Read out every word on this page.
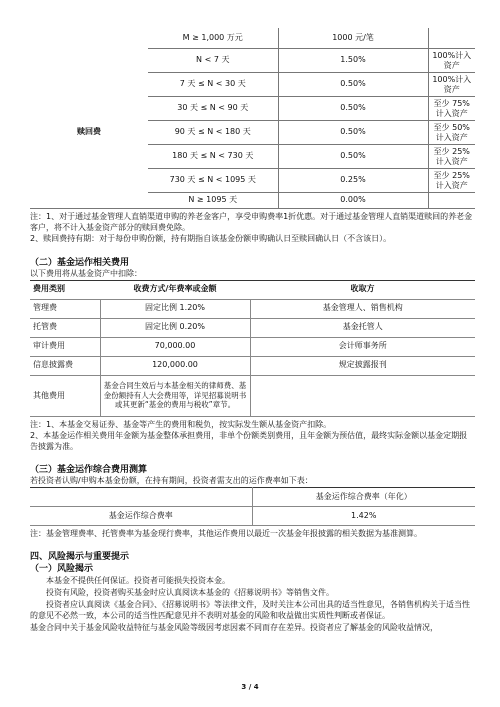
	M ≥ 1,000 万元	1000 元/笔	
	N < 7 天	1.50%	100%计入资产
	7 天 ≤ N < 30 天	0.50%	100%计入资产
	30 天 ≤ N < 90 天	0.50%	至少 75%计入资产
赎回费	90 天 ≤ N < 180 天	0.50%	至少 50%计入资产
	180 天 ≤ N < 730 天	0.50%	至少 25%计入资产
	730 天 ≤ N < 1095 天	0.25%	至少 25%计入资产
	N ≥ 1095 天	0.00%	

注：1、对于通过基金管理人直销渠道申购的养老金客户，享受申购费率1折优惠。对于通过基金管理人直销渠道赎回的养老金客户，将不计入基金资产部分的赎回费免除。

2、赎回费持有期：对于每份申购份额，持有期指自该基金份额申购确认日至赎回确认日（不含该日）。

（二）基金运作相关费用

以下费用将从基金资产中扣除：

费用类别	收费方式/年费率或金额	收取方
管理费	固定比例 1.20%	基金管理人、销售机构
托管费	固定比例 0.20%	基金托管人
审计费用	70,000.00	会计师事务所
信息披露费	120,000.00	规定披露报刊
其他费用	基金合同生效后与本基金相关的律师费、基金份额持有人大会费用等，详见招募说明书或其更新“基金的费用与税收”章节。	

注：1、本基金交易证券、基金等产生的费用和税负，按实际发生额从基金资产扣除。

2、本基金运作相关费用年金额为基金整体承担费用，非单个份额类别费用，且年金额为预估值，最终实际金额以基金定期报告披露为准。

（三）基金运作综合费用测算

若投资者认购/申购本基金份额，在持有期间，投资者需支出的运作费率如下表：

	基金运作综合费率（年化）
基金运作综合费率	1.42%

注：基金管理费率、托管费率为基金现行费率，其他运作费用以最近一次基金年报披露的相关数据为基准测算。

四、风险揭示与重要提示
（一）风险揭示

本基金不提供任何保证。投资者可能损失投资本金。

投资有风险，投资者购买基金时应认真阅读本基金的《招募说明书》等销售文件。

投资者应认真阅读《基金合同》、《招募说明书》等法律文件，及时关注本公司出具的适当性意见，各销售机构关于适当性的意见不必然一致，本公司的适当性匹配意见并不表明对基金的风险和收益做出实质性判断或者保证。

基金合同中关于基金风险收益特征与基金风险等级因考虑因素不同而存在差异。投资者应了解基金的风险收益情况，

3 / 4
